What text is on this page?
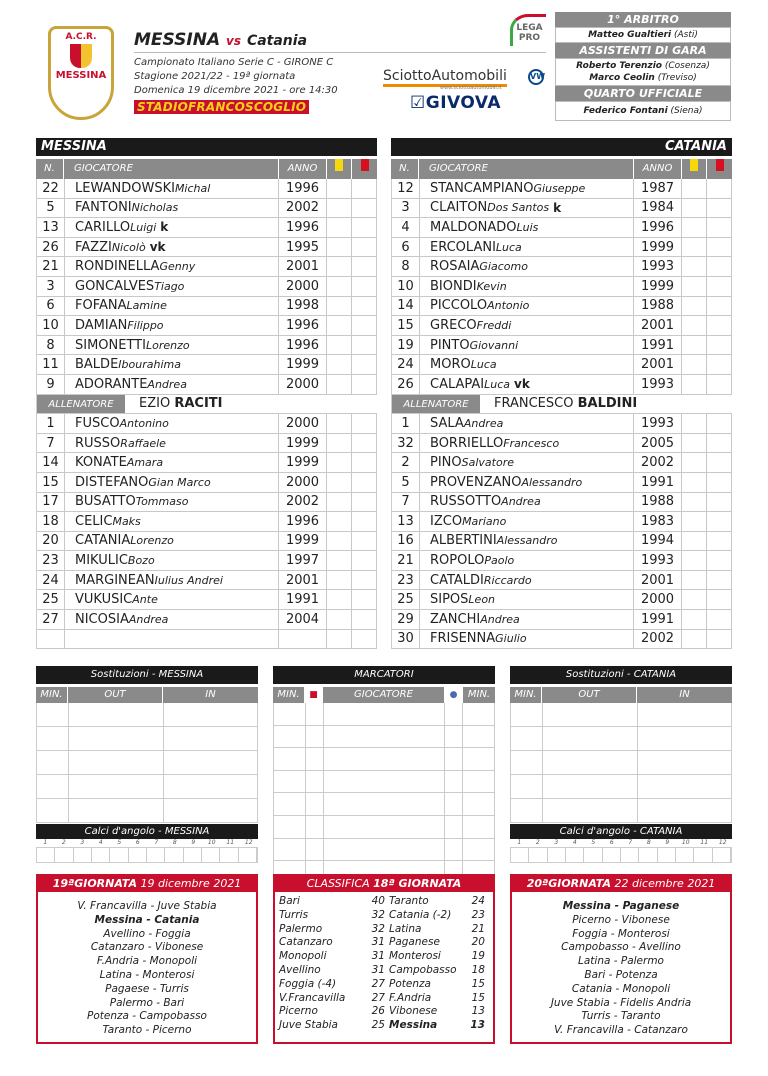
A.C.R.
MESSINA
MESSINA vs Catania
Campionato Italiano Serie C - GIRONE C
Stagione 2021/22 - 19ª giornata
Domenica 19 dicembre 2021 - ore 14:30
STADIOFRANCOSCOGLIO
LEGA PRO
SciottoAutomobili	VW
www.sciottoautomobili.it
☑GIVOVA
1° ARBITRO
Matteo Gualtieri (Asti)
ASSISTENTI DI GARA
Roberto Terenzio (Cosenza)
Marco Ceolin (Treviso)
QUARTO UFFICIALE
Federico Fontani (Siena)
MESSINA
N.	GIOCATORE	ANNO
22	LEWANDOWSKI Michal	1996
5	FANTONI Nicholas	2002
13	CARILLO Luigi k	1996
26	FAZZI Nicolò vk	1995
21	RONDINELLA Genny	2001
3	GONCALVES Tiago	2000
6	FOFANA Lamine	1998
10	DAMIAN Filippo	1996
8	SIMONETTI Lorenzo	1996
11	BALDE Ibourahima	1999
9	ADORANTE Andrea	2000
ALLENATORE	EZIO RACITI
1	FUSCO Antonino	2000
7	RUSSO Raffaele	1999
14	KONATE Amara	1999
15	DISTEFANO Gian Marco	2000
17	BUSATTO Tommaso	2002
18	CELIC Maks	1996
20	CATANIA Lorenzo	1999
23	MIKULIC Bozo	1997
24	MARGINEAN Iulius Andrei	2001
25	VUKUSIC Ante	1991
27	NICOSIA Andrea	2004
CATANIA
N.	GIOCATORE	ANNO
12	STANCAMPIANO Giuseppe	1987
3	CLAITON Dos Santos k	1984
4	MALDONADO Luis	1996
6	ERCOLANI Luca	1999
8	ROSAIA Giacomo	1993
10	BIONDI Kevin	1999
14	PICCOLO Antonio	1988
15	GRECO Freddi	2001
19	PINTO Giovanni	1991
24	MORO Luca	2001
26	CALAPAI Luca vk	1993
ALLENATORE	FRANCESCO BALDINI
1	SALA Andrea	1993
32	BORRIELLO Francesco	2005
2	PINO Salvatore	2002
5	PROVENZANO Alessandro	1991
7	RUSSOTTO Andrea	1988
13	IZCO Mariano	1983
16	ALBERTINI Alessandro	1994
21	ROPOLO Paolo	1993
23	CATALDI Riccardo	2001
25	SIPOS Leon	2000
29	ZANCHI Andrea	1991
30	FRISENNA Giulio	2002
Sostituzioni - MESSINA
MIN.	OUT	IN
MARCATORI
MIN.	■	GIOCATORE	●	MIN.
Sostituzioni - CATANIA
MIN.	OUT	IN
Calci d'angolo - MESSINA
1	2	3	4	5	6	7	8	9	10	11	12
Calci d'angolo - CATANIA
1	2	3	4	5	6	7	8	9	10	11	12
19ªGIORNATA 19 dicembre 2021
V. Francavilla - Juve Stabia
Messina - Catania
Avellino - Foggia
Catanzaro - Vibonese
F.Andria - Monopoli
Latina - Monterosi
Pagaese - Turris
Palermo - Bari
Potenza - Campobasso
Taranto - Picerno
CLASSIFICA 18ª GIORNATA
Bari	40 Taranto	24
Turris	32 Catania (-2)	23
Palermo	32 Latina	21
Catanzaro	31 Paganese	20
Monopoli	31 Monterosi	19
Avellino	31 Campobasso	18
Foggia (-4)	27 Potenza	15
V.Francavilla	27 F.Andria	15
Picerno	26 Vibonese	13
Juve Stabia	25 Messina	13
20ªGIORNATA 22 dicembre 2021
Messina - Paganese
Picerno - Vibonese
Foggia - Monterosi
Campobasso - Avellino
Latina - Palermo
Bari - Potenza
Catania - Monopoli
Juve Stabia - Fidelis Andria
Turris - Taranto
V. Francavilla - Catanzaro
